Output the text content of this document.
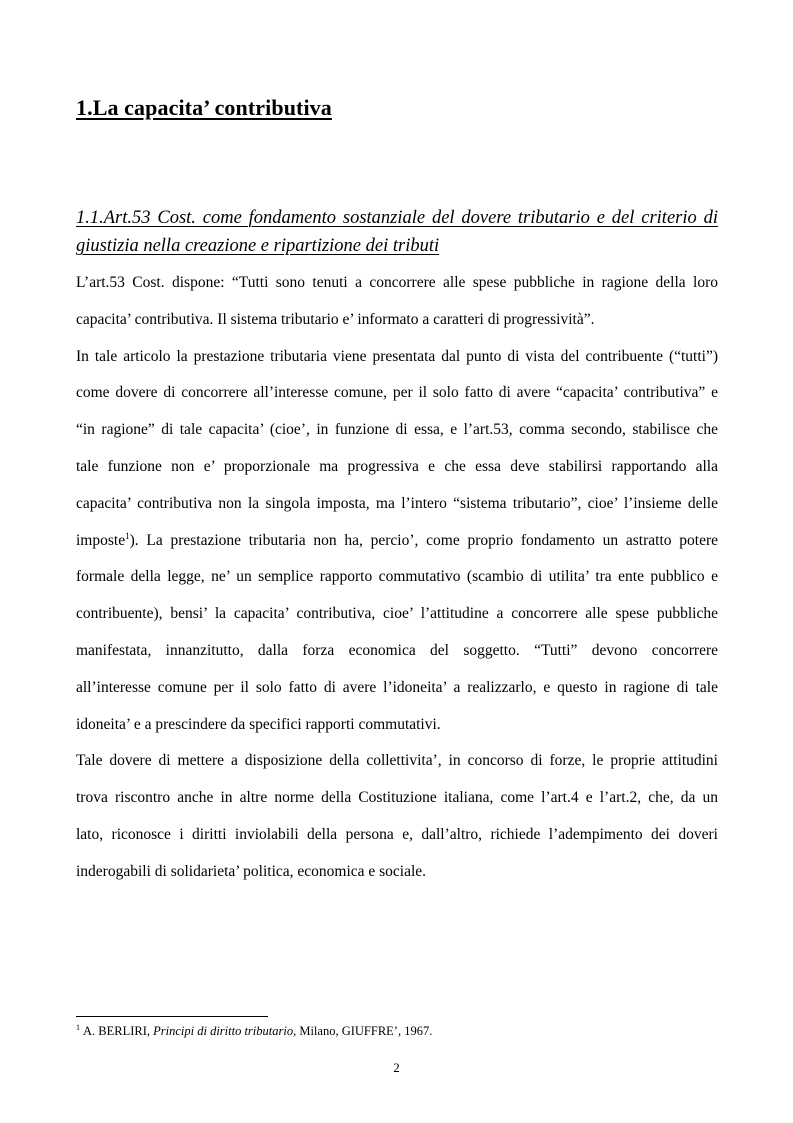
1.La capacita’ contributiva
1.1.Art.53 Cost. come fondamento sostanziale del dovere tributario e del criterio di giustizia nella creazione e ripartizione dei tributi

L’art.53 Cost. dispone: “Tutti sono tenuti a concorrere alle spese pubbliche in ragione della loro
capacita’ contributiva. Il sistema tributario e’ informato a caratteri di progressività”.

In tale articolo la prestazione tributaria viene presentata dal punto di vista del contribuente (“tutti”)
come dovere di concorrere all’interesse comune, per il solo fatto di avere “capacita’ contributiva” e
“in ragione” di tale capacita’ (cioe’, in funzione di essa, e l’art.53, comma secondo, stabilisce che
tale funzione non e’ proporzionale ma progressiva e che essa deve stabilirsi rapportando alla
capacita’ contributiva non la singola imposta, ma l’intero “sistema tributario”, cioe’ l’insieme delle
imposte$^1$). La prestazione tributaria non ha, percio’, come proprio fondamento un astratto potere
formale della legge, ne’ un semplice rapporto commutativo (scambio di utilita’ tra ente pubblico e
contribuente), bensi’ la capacita’ contributiva, cioe’ l’attitudine a concorrere alle spese pubbliche
manifestata, innanzitutto, dalla forza economica del soggetto. “Tutti” devono concorrere
all’interesse comune per il solo fatto di avere l’idoneita’ a realizzarlo, e questo in ragione di tale
idoneita’ e a prescindere da specifici rapporti commutativi.

Tale dovere di mettere a disposizione della collettivita’, in concorso di forze, le proprie attitudini
trova riscontro anche in altre norme della Costituzione italiana, come l’art.4 e l’art.2, che, da un
lato, riconosce i diritti inviolabili della persona e, dall’altro, richiede l’adempimento dei doveri
inderogabili di solidarieta’ politica, economica e sociale.

$^1$ A. BERLIRI, Principi di diritto tributario, Milano, GIUFFRE’, 1967.

2
